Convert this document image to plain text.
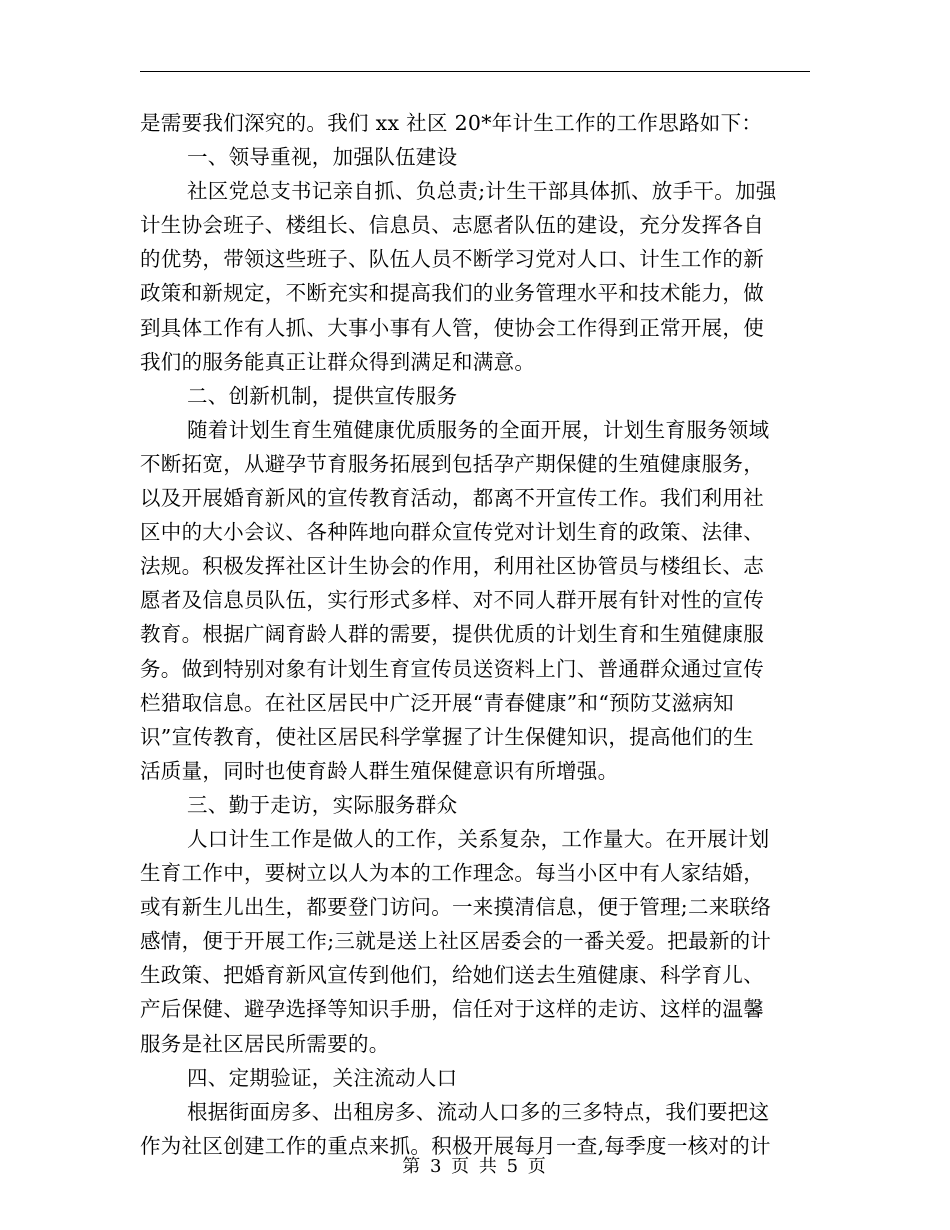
是需要我们深究的。我们 xx 社区 20*年计生工作的工作思路如下：
一、领导重视，加强队伍建设
社区党总支书记亲自抓、负总责;计生干部具体抓、放手干。加强
计生协会班子、楼组长、信息员、志愿者队伍的建设，充分发挥各自
的优势，带领这些班子、队伍人员不断学习党对人口、计生工作的新
政策和新规定，不断充实和提高我们的业务管理水平和技术能力，做
到具体工作有人抓、大事小事有人管，使协会工作得到正常开展，使
我们的服务能真正让群众得到满足和满意。
二、创新机制，提供宣传服务
随着计划生育生殖健康优质服务的全面开展，计划生育服务领域
不断拓宽，从避孕节育服务拓展到包括孕产期保健的生殖健康服务，
以及开展婚育新风的宣传教育活动，都离不开宣传工作。我们利用社
区中的大小会议、各种阵地向群众宣传党对计划生育的政策、法律、
法规。积极发挥社区计生协会的作用，利用社区协管员与楼组长、志
愿者及信息员队伍，实行形式多样、对不同人群开展有针对性的宣传
教育。根据广阔育龄人群的需要，提供优质的计划生育和生殖健康服
务。做到特别对象有计划生育宣传员送资料上门、普通群众通过宣传
栏猎取信息。在社区居民中广泛开展“青春健康”和“预防艾滋病知
识”宣传教育，使社区居民科学掌握了计生保健知识，提高他们的生
活质量，同时也使育龄人群生殖保健意识有所增强。
三、勤于走访，实际服务群众
人口计生工作是做人的工作，关系复杂，工作量大。在开展计划
生育工作中，要树立以人为本的工作理念。每当小区中有人家结婚，
或有新生儿出生，都要登门访问。一来摸清信息，便于管理;二来联络
感情，便于开展工作;三就是送上社区居委会的一番关爱。把最新的计
生政策、把婚育新风宣传到他们，给她们送去生殖健康、科学育儿、
产后保健、避孕选择等知识手册，信任对于这样的走访、这样的温馨
服务是社区居民所需要的。
四、定期验证，关注流动人口
根据街面房多、出租房多、流动人口多的三多特点，我们要把这
作为社区创建工作的重点来抓。积极开展每月一查,每季度一核对的计
第 3 页 共 5 页
